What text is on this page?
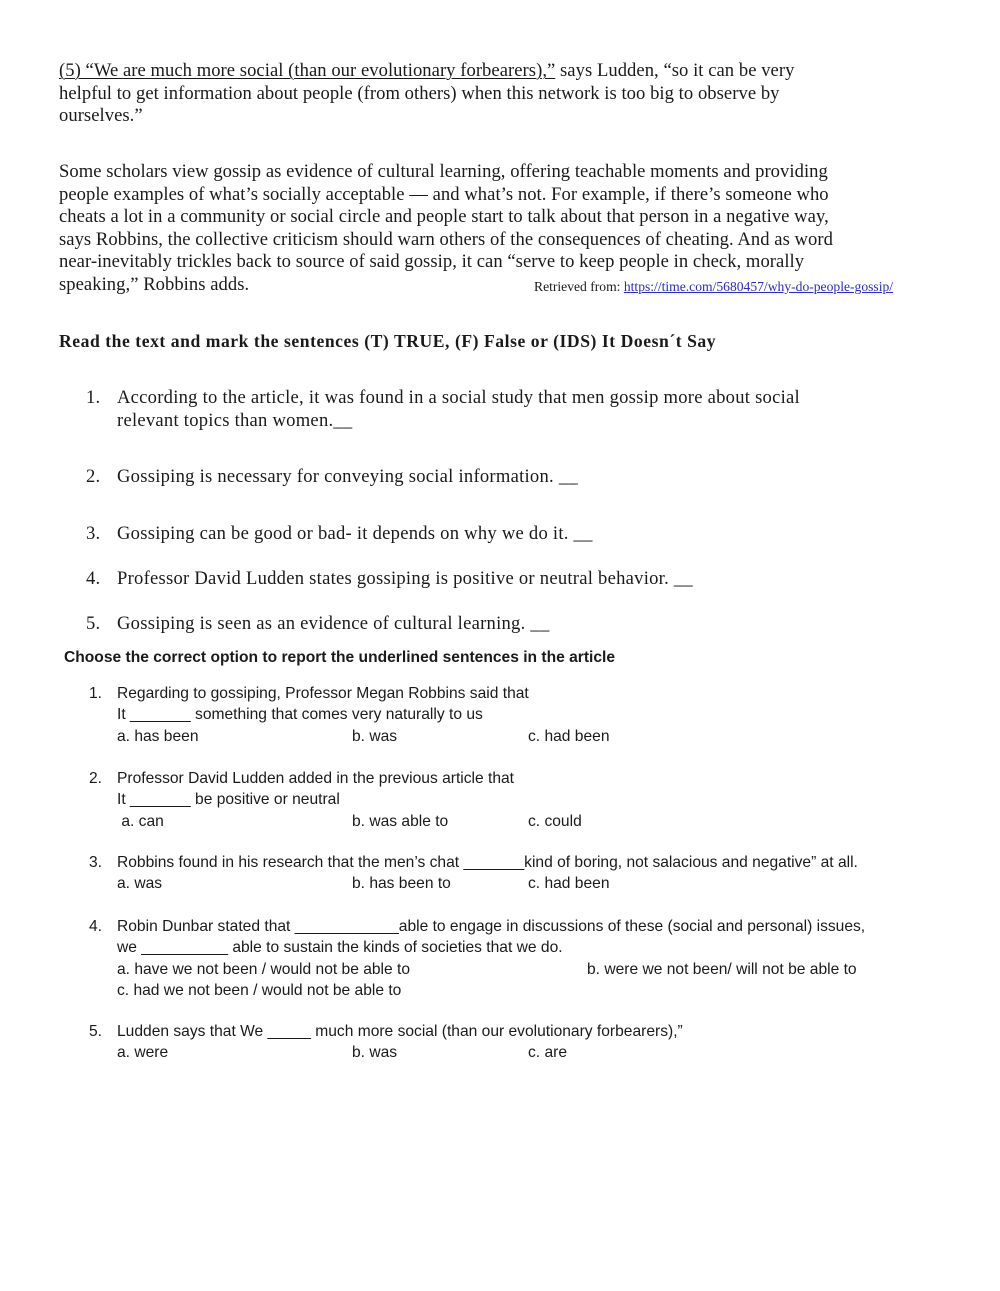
(5) “We are much more social (than our evolutionary forbearers),” says Ludden, “so it can be very
helpful to get information about people (from others) when this network is too big to observe by
ourselves.”
Some scholars view gossip as evidence of cultural learning, offering teachable moments and providing
people examples of what’s socially acceptable — and what’s not. For example, if there’s someone who
cheats a lot in a community or social circle and people start to talk about that person in a negative way,
says Robbins, the collective criticism should warn others of the consequences of cheating. And as word
near-inevitably trickles back to source of said gossip, it can “serve to keep people in check, morally
speaking,” Robbins adds.	Retrieved from: https://time.com/5680457/why-do-people-gossip/
Read the text and mark the sentences (T) TRUE, (F) False or (IDS) It Doesn´t Say
1. According to the article, it was found in a social study that men gossip more about social
relevant topics than women.__
2. Gossiping is necessary for conveying social information. __
3. Gossiping can be good or bad- it depends on why we do it. __
4. Professor David Ludden states gossiping is positive or neutral behavior. __
5. Gossiping is seen as an evidence of cultural learning. __
Choose the correct option to report the underlined sentences in the article
1. Regarding to gossiping, Professor Megan Robbins said that
It _______ something that comes very naturally to us
a. has been	b. was	c. had been
2. Professor David Ludden added in the previous article that
It _______ be positive or neutral
a. can	b. was able to	c. could
3. Robbins found in his research that the men’s chat _______kind of boring, not salacious and negative” at all.
a. was	b. has been to	c. had been
4. Robin Dunbar stated that ____________able to engage in discussions of these (social and personal) issues,
we __________ able to sustain the kinds of societies that we do.
a. have we not been / would not be able to	b. were we not been/ will not be able to
c. had we not been / would not be able to
5. Ludden says that We _____ much more social (than our evolutionary forbearers),”
a. were	b. was	c. are
